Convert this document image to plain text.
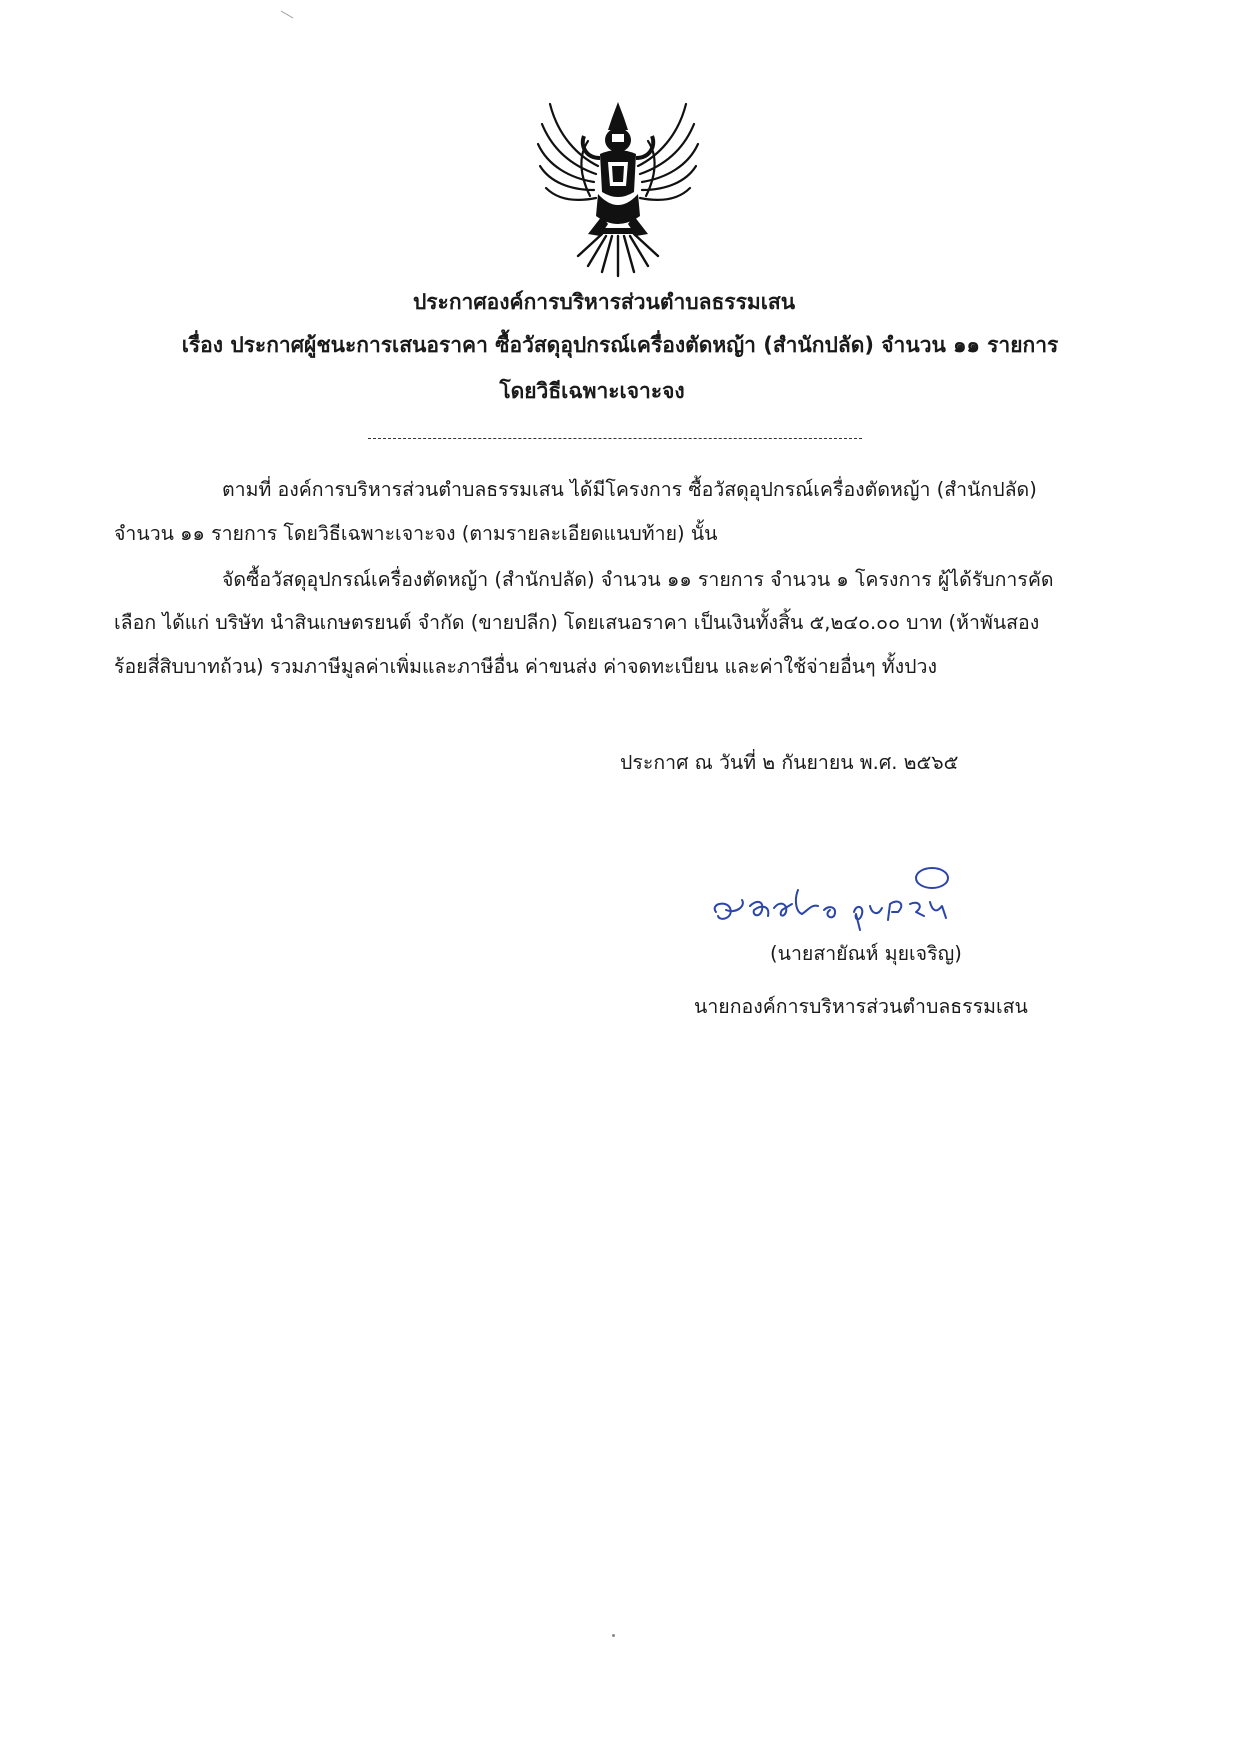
ประกาศองค์การบริหารส่วนตำบลธรรมเสน
เรื่อง ประกาศผู้ชนะการเสนอราคา ซื้อวัสดุอุปกรณ์เครื่องตัดหญ้า (สำนักปลัด) จำนวน ๑๑ รายการ
โดยวิธีเฉพาะเจาะจง
ตามที่ องค์การบริหารส่วนตำบลธรรมเสน ได้มีโครงการ ซื้อวัสดุอุปกรณ์เครื่องตัดหญ้า (สำนักปลัด)
จำนวน ๑๑ รายการ โดยวิธีเฉพาะเจาะจง (ตามรายละเอียดแนบท้าย) นั้น
จัดซื้อวัสดุอุปกรณ์เครื่องตัดหญ้า (สำนักปลัด) จำนวน ๑๑ รายการ จำนวน ๑ โครงการ ผู้ได้รับการคัด
เลือก ได้แก่ บริษัท นำสินเกษตรยนต์ จำกัด (ขายปลีก) โดยเสนอราคา เป็นเงินทั้งสิ้น ๕,๒๔๐.๐๐ บาท (ห้าพันสอง
ร้อยสี่สิบบาทถ้วน) รวมภาษีมูลค่าเพิ่มและภาษีอื่น ค่าขนส่ง ค่าจดทะเบียน และค่าใช้จ่ายอื่นๆ ทั้งปวง
ประกาศ ณ วันที่ ๒ กันยายน พ.ศ. ๒๕๖๕
(นายสายัณห์ มุยเจริญ)
นายกองค์การบริหารส่วนตำบลธรรมเสน
